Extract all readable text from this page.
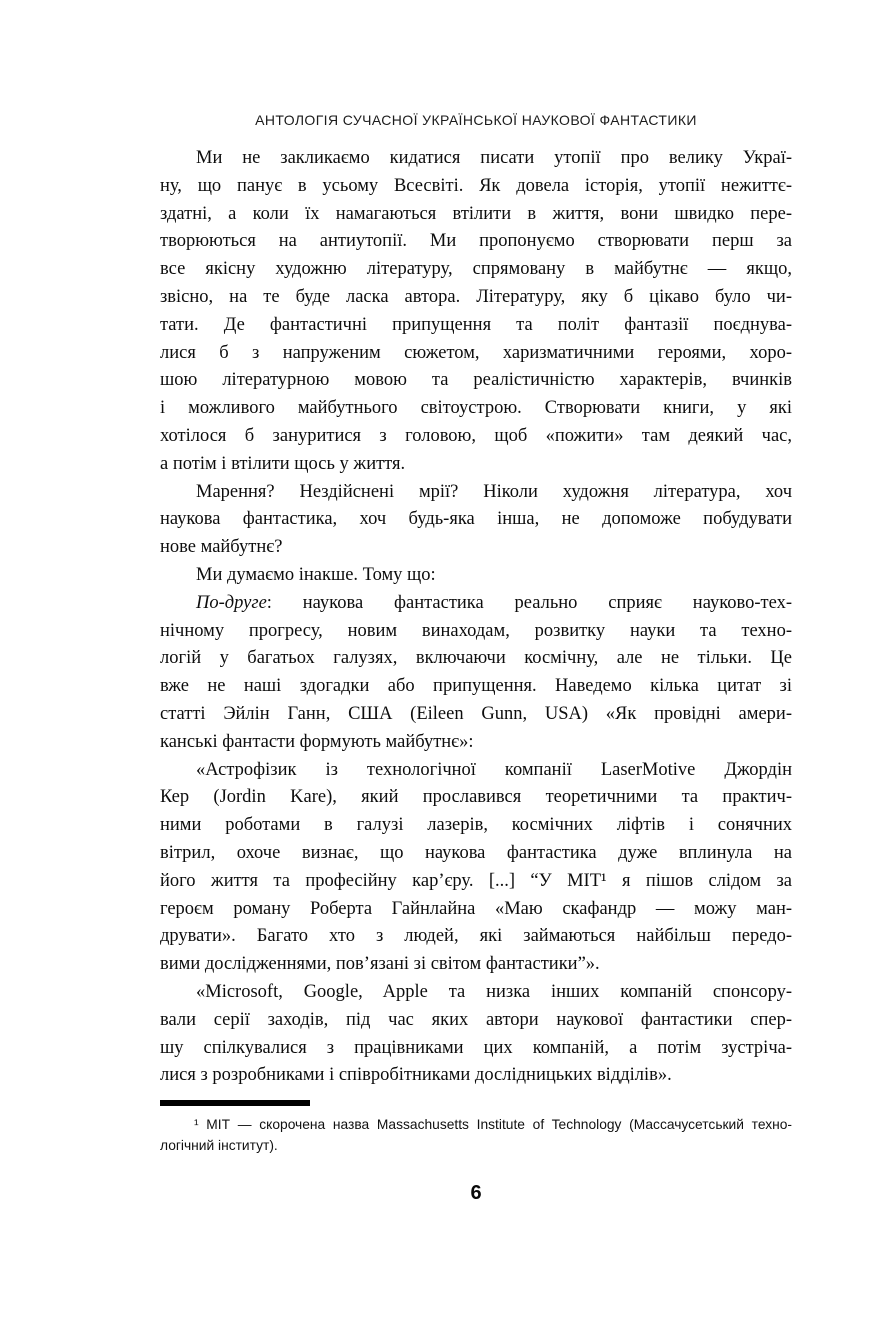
АНТОЛОГІЯ СУЧАСНОЇ УКРАЇНСЬКОЇ НАУКОВОЇ ФАНТАСТИКИ
Ми не закликаємо кидатися писати утопії про велику Украї-
ну, що панує в усьому Всесвіті. Як довела історія, утопії нежиттє-
здатні, а коли їх намагаються втілити в життя, вони швидко пере-
творюються на антиутопії. Ми пропонуємо створювати перш за
все якісну художню літературу, спрямовану в майбутнє — якщо,
звісно, на те буде ласка автора. Літературу, яку б цікаво було чи-
тати. Де фантастичні припущення та політ фантазії поєднува-
лися б з напруженим сюжетом, харизматичними героями, хоро-
шою літературною мовою та реалістичністю характерів, вчинків
і можливого майбутнього світоустрою. Створювати книги, у які
хотілося б зануритися з головою, щоб «пожити» там деякий час,
а потім і втілити щось у життя.
Марення? Нездійснені мрії? Ніколи художня література, хоч
наукова фантастика, хоч будь-яка інша, не допоможе побудувати
нове майбутнє?
Ми думаємо інакше. Тому що:
По-друге: наукова фантастика реально сприяє науково-тех-
нічному прогресу, новим винаходам, розвитку науки та техно-
логій у багатьох галузях, включаючи космічну, але не тільки. Це
вже не наші здогадки або припущення. Наведемо кілька цитат зі
статті Эйлін Ганн, США (Eileen Gunn, USA) «Як провідні амери-
канські фантасти формують майбутнє»:
«Астрофізик із технологічної компанії LaserMotive Джордін
Кер (Jordin Kare), який прославився теоретичними та практич-
ними роботами в галузі лазерів, космічних ліфтів і сонячних
вітрил, охоче визнає, що наукова фантастика дуже вплинула на
його життя та професійну кар’єру. [...] “У МІТ¹ я пішов слідом за
героєм роману Роберта Гайнлайна «Маю скафандр — можу ман-
друвати». Багато хто з людей, які займаються найбільш передо-
вими дослідженнями, пов’язані зі світом фантастики”».
«Microsoft, Google, Apple та низка інших компаній спонсору-
вали серії заходів, під час яких автори наукової фантастики спер-
шу спілкувалися з працівниками цих компаній, а потім зустріча-
лися з розробниками і співробітниками дослідницьких відділів».
¹ МІТ — скорочена назва Massachusetts Institute of Technology (Массачусетський техно-
логічний інститут).
6
